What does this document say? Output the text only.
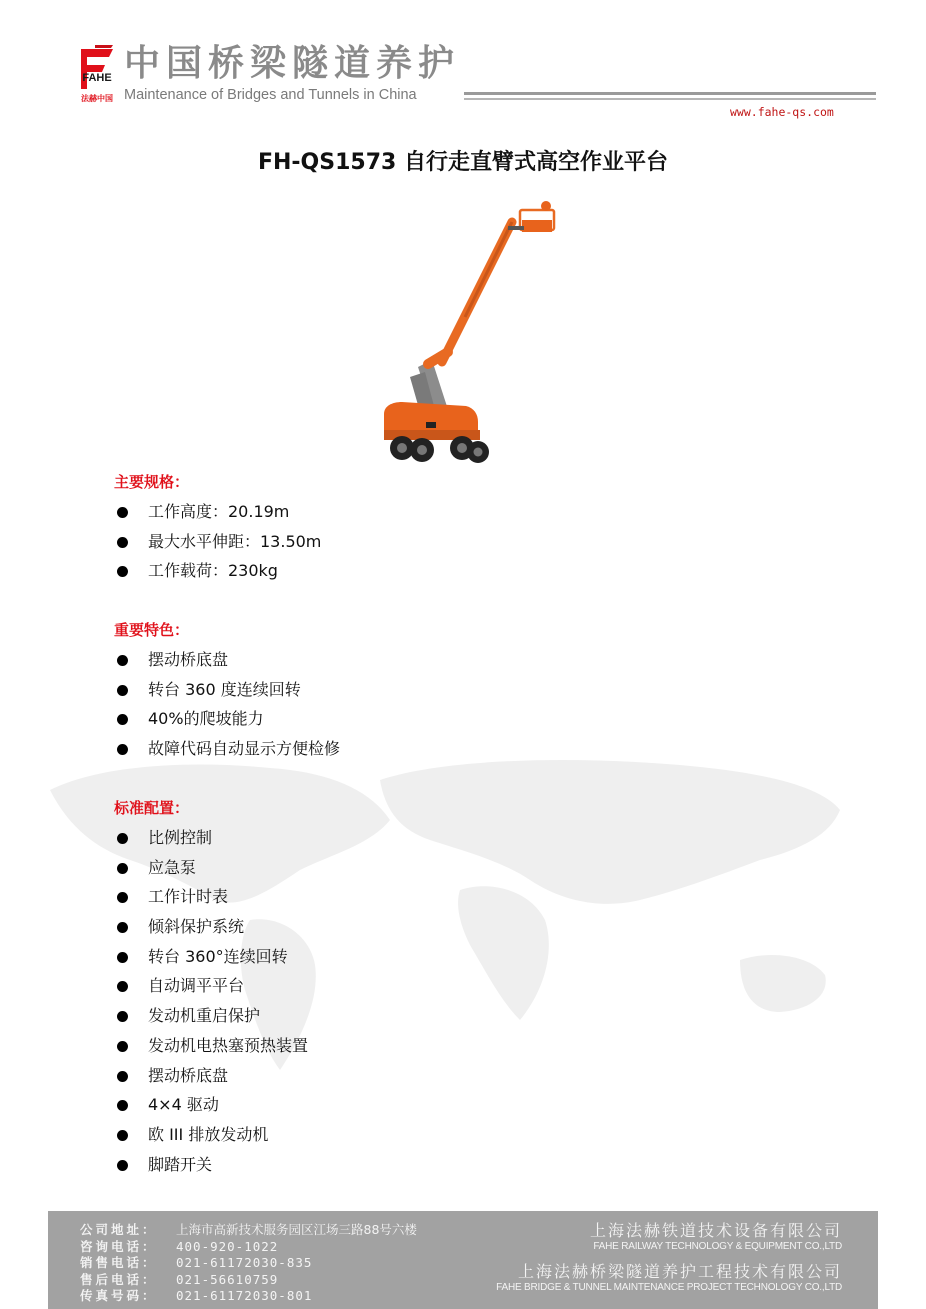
FAHE
法赫中国
中国桥梁隧道养护
Maintenance of Bridges and Tunnels in China
www.fahe-qs.com
FH-QS1573 自行走直臂式高空作业平台
主要规格：
工作高度：20.19m
最大水平伸距：13.50m
工作载荷：230kg
重要特色：
摆动桥底盘
转台 360 度连续回转
40%的爬坡能力
故障代码自动显示方便检修
标准配置：
比例控制
应急泵
工作计时表
倾斜保护系统
转台 360°连续回转
自动调平平台
发动机重启保护
发动机电热塞预热装置
摆动桥底盘
4×4 驱动
欧 III 排放发动机
脚踏开关
公司地址： 上海市高新技术服务园区江场三路88号六楼
咨询电话： 400-920-1022
销售电话： 021-61172030-835
售后电话： 021-56610759
传真号码： 021-61172030-801
上海法赫铁道技术设备有限公司
FAHE RAILWAY TECHNOLOGY & EQUIPMENT CO.,LTD
上海法赫桥梁隧道养护工程技术有限公司
FAHE BRIDGE & TUNNEL MAINTENANCE PROJECT TECHNOLOGY CO.,LTD
